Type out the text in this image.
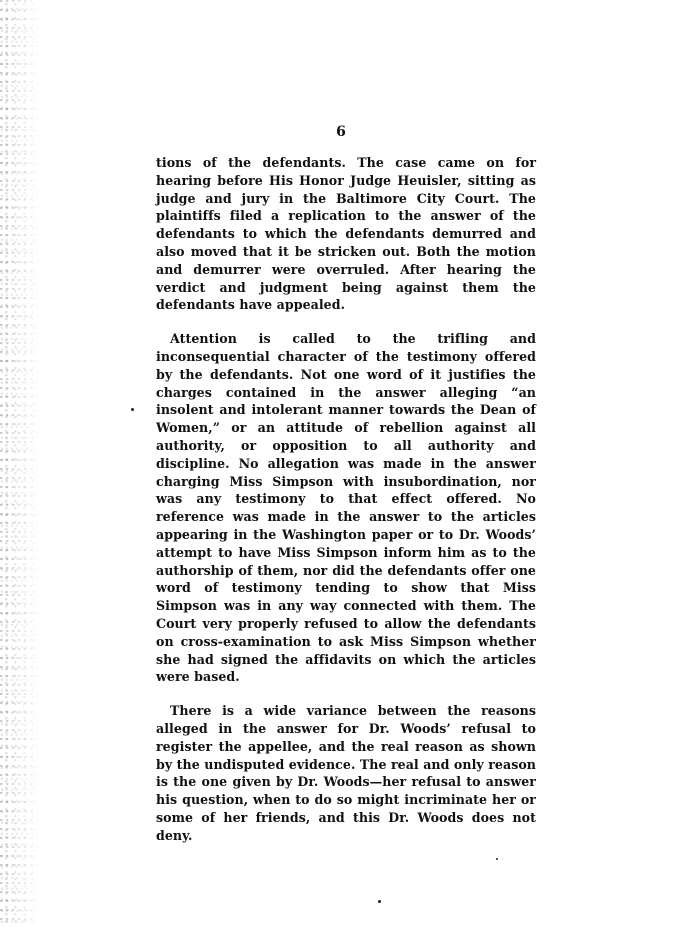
6

tions of the defendants. The case came on for hearing before His Honor Judge Heuisler, sitting as judge and jury in the Baltimore City Court. The plaintiffs filed a replication to the answer of the defendants to which the defendants demurred and also moved that it be stricken out. Both the motion and demurrer were overruled. After hearing the verdict and judgment being against them the defendants have appealed.

Attention is called to the trifling and inconsequential character of the testimony offered by the defendants. Not one word of it justifies the charges contained in the answer alleging “an insolent and intolerant manner towards the Dean of Women,” or an attitude of rebellion against all authority, or opposition to all authority and discipline. No allegation was made in the answer charging Miss Simpson with insubordination, nor was any testimony to that effect offered. No reference was made in the answer to the articles appearing in the Washington paper or to Dr. Woods’ attempt to have Miss Simpson inform him as to the authorship of them, nor did the defendants offer one word of testimony tending to show that Miss Simpson was in any way connected with them. The Court very properly refused to allow the defendants on cross-examination to ask Miss Simpson whether she had signed the affidavits on which the articles were based.

There is a wide variance between the reasons alleged in the answer for Dr. Woods’ refusal to register the appellee, and the real reason as shown by the undisputed evidence. The real and only reason is the one given by Dr. Woods—her refusal to answer his question, when to do so might incriminate her or some of her friends, and this Dr. Woods does not deny.
